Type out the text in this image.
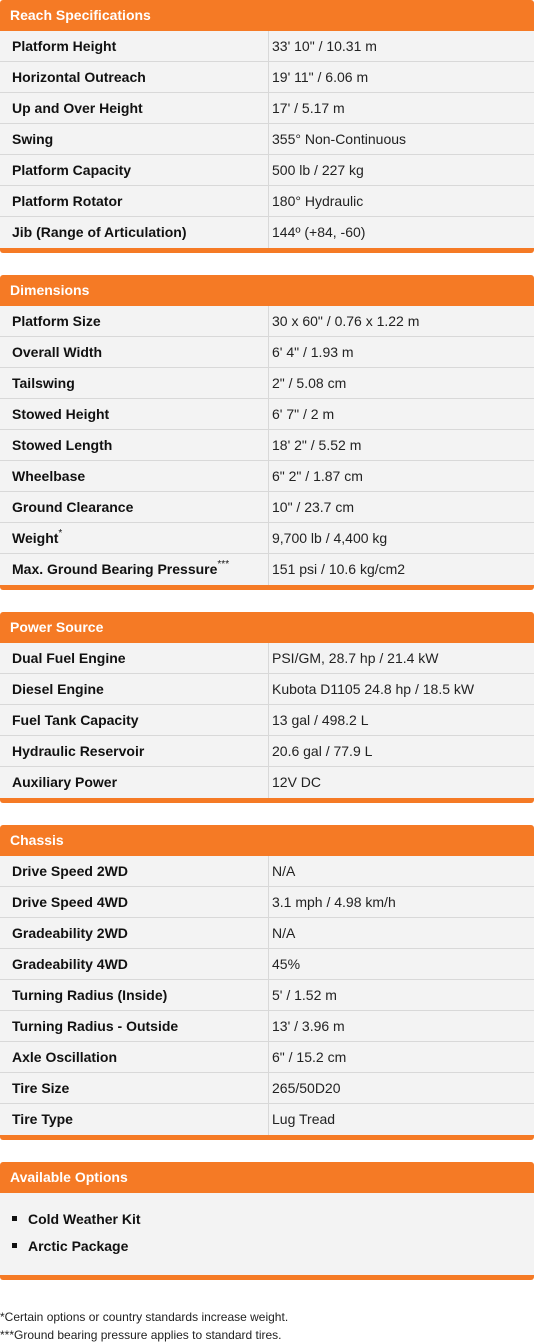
Reach Specifications
Platform Height	33' 10" / 10.31 m
Horizontal Outreach	19' 11" / 6.06 m
Up and Over Height	17' / 5.17 m
Swing	355° Non-Continuous
Platform Capacity	500 lb / 227 kg
Platform Rotator	180° Hydraulic
Jib (Range of Articulation)	144º (+84, -60)
Dimensions
Platform Size	30 x 60" / 0.76 x 1.22 m
Overall Width	6' 4" / 1.93 m
Tailswing	2" / 5.08 cm
Stowed Height	6' 7" / 2 m
Stowed Length	18' 2" / 5.52 m
Wheelbase	6" 2" / 1.87 cm
Ground Clearance	10" / 23.7 cm
Weight*	9,700 lb / 4,400 kg
Max. Ground Bearing Pressure***	151 psi / 10.6 kg/cm2
Power Source
Dual Fuel Engine	PSI/GM, 28.7 hp / 21.4 kW
Diesel Engine	Kubota D1105 24.8 hp / 18.5 kW
Fuel Tank Capacity	13 gal / 498.2 L
Hydraulic Reservoir	20.6 gal / 77.9 L
Auxiliary Power	12V DC
Chassis
Drive Speed 2WD	N/A
Drive Speed 4WD	3.1 mph / 4.98 km/h
Gradeability 2WD	N/A
Gradeability 4WD	45%
Turning Radius (Inside)	5' / 1.52 m
Turning Radius - Outside	13' / 3.96 m
Axle Oscillation	6" / 15.2 cm
Tire Size	265/50D20
Tire Type	Lug Tread
Available Options
Cold Weather Kit
Arctic Package
*Certain options or country standards increase weight.
***Ground bearing pressure applies to standard tires.
